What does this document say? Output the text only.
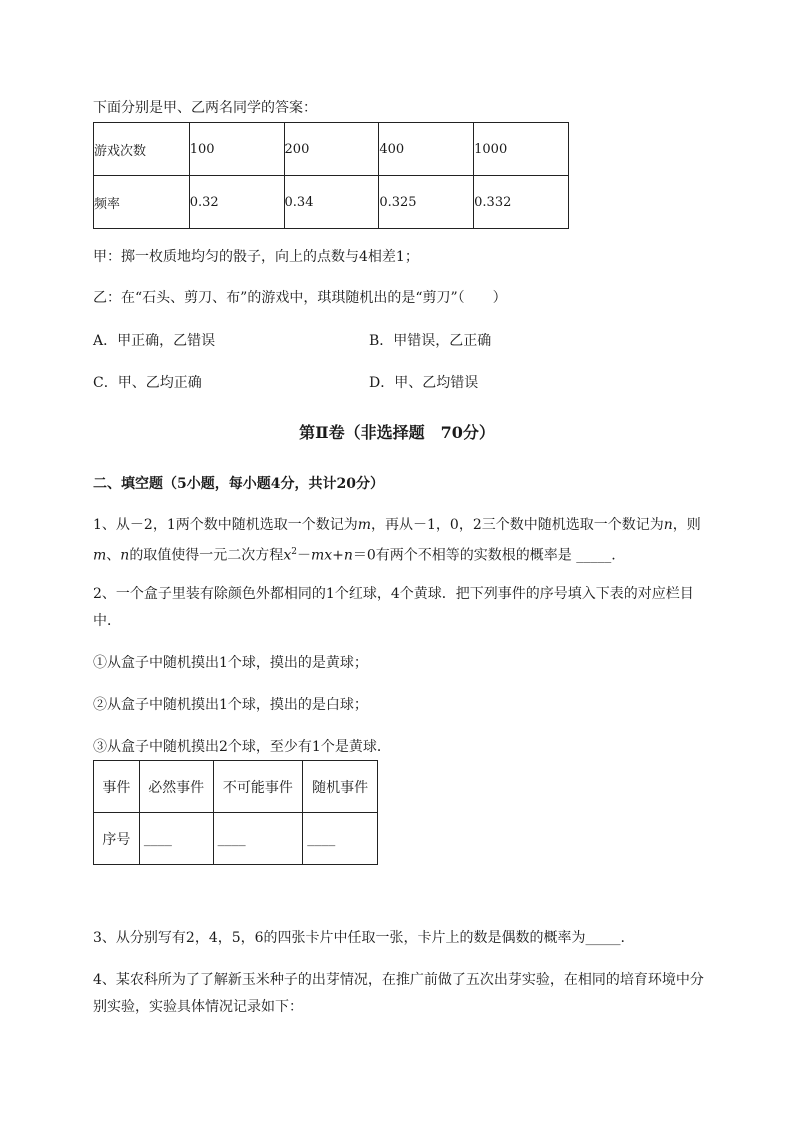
下面分别是甲、乙两名同学的答案：
游戏次数	100	200	400	1000
频率	0.32	0.34	0.325	0.332
甲：掷一枚质地均匀的骰子，向上的点数与4相差1；
乙：在“石头、剪刀、布”的游戏中，琪琪随机出的是“剪刀”（　　）
A．甲正确，乙错误	B．甲错误，乙正确
C．甲、乙均正确	D．甲、乙均错误
第Ⅱ卷（非选择题　70分）
二、填空题（5小题，每小题4分，共计20分）
1、从－2，1两个数中随机选取一个数记为m，再从－1，0，2三个数中随机选取一个数记为n，则
m、n的取值使得一元二次方程$x^2-mx+n=0$有两个不相等的实数根的概率是 _____.
2、一个盒子里装有除颜色外都相同的1个红球，4个黄球．把下列事件的序号填入下表的对应栏目
中．
①从盒子中随机摸出1个球，摸出的是黄球；
②从盒子中随机摸出1个球，摸出的是白球；
③从盒子中随机摸出2个球，至少有1个是黄球．
事件	必然事件	不可能事件	随机事件
序号	____	____	____
3、从分别写有2，4，5，6的四张卡片中任取一张，卡片上的数是偶数的概率为_____.
4、某农科所为了了解新玉米种子的出芽情况，在推广前做了五次出芽实验，在相同的培育环境中分
别实验，实验具体情况记录如下：
